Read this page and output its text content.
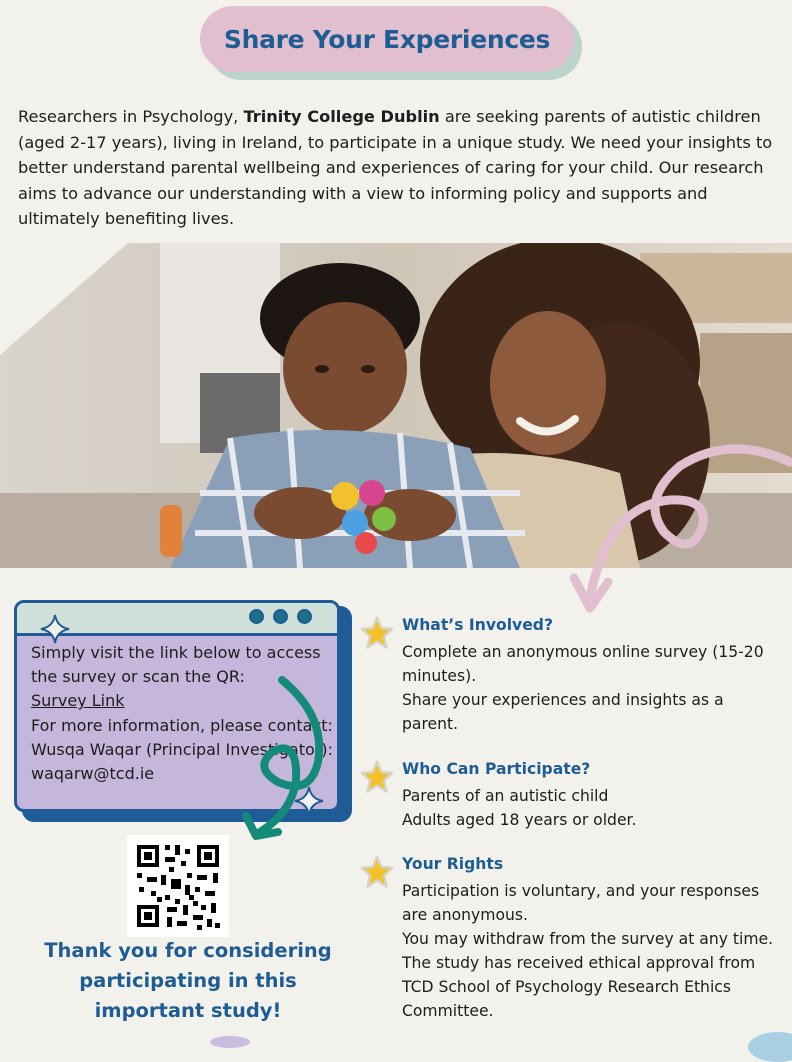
Share Your Experiences
Researchers in Psychology, Trinity College Dublin are seeking parents of autistic children (aged 2-17 years), living in Ireland, to participate in a unique study. We need your insights to better understand parental wellbeing and experiences of caring for your child. Our research aims to advance our understanding with a view to informing policy and supports and ultimately benefiting lives.
Simply visit the link below to access the survey or scan the QR:
Survey Link
For more information, please contact:
Wusqa Waqar (Principal Investigator): waqarw@tcd.ie
Thank you for considering participating in this important study!
What’s Involved?

Complete an anonymous online survey (15-20 minutes).

Share your experiences and insights as a parent.

Who Can Participate?

Parents of an autistic child

Adults aged 18 years or older.

Your Rights

Participation is voluntary, and your responses are anonymous.

You may withdraw from the survey at any time.

The study has received ethical approval from TCD School of Psychology Research Ethics Committee.
